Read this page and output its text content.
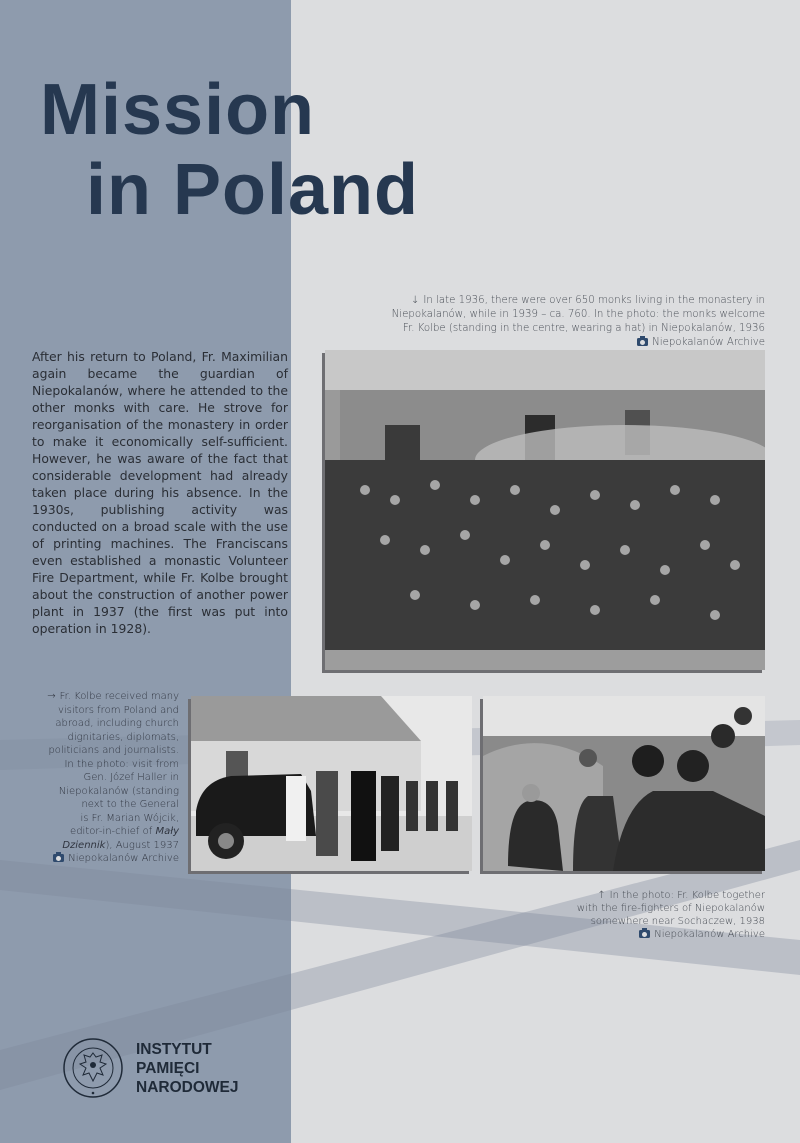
Mission
in Poland
↓ In late 1936, there were over 650 monks living in the monastery in
Niepokalanów, while in 1939 – ca. 760. In the photo: the monks welcome
Fr. Kolbe (standing in the centre, wearing a hat) in Niepokalanów, 1936
Niepokalanów Archive

After his return to Poland, Fr. Maximilian again became the guardian of Niepokalanów, where he attended to the other monks with care. He strove for reorganisation of the monastery in order to make it economically self-sufficient. However, he was aware of the fact that considerable development had already taken place during his absence. In the 1930s, publishing activity was conducted on a broad scale with the use of printing machines. The Franciscans even established a monastic Volunteer Fire Department, while Fr. Kolbe brought about the construction of another power plant in 1937 (the first was put into operation in 1928).

→ Fr. Kolbe received many
visitors from Poland and
abroad, including church
dignitaries, diplomats,
politicians and journalists.
In the photo: visit from
Gen. Józef Haller in
Niepokalanów (standing
next to the General
is Fr. Marian Wójcik,
editor-in-chief of Mały
Dziennik), August 1937
Niepokalanów Archive
↑ In the photo: Fr. Kolbe together
with the fire-fighters of Niepokalanów
somewhere near Sochaczew, 1938
Niepokalanów Archive
INSTYTUT
PAMIĘCI
NARODOWEJ
